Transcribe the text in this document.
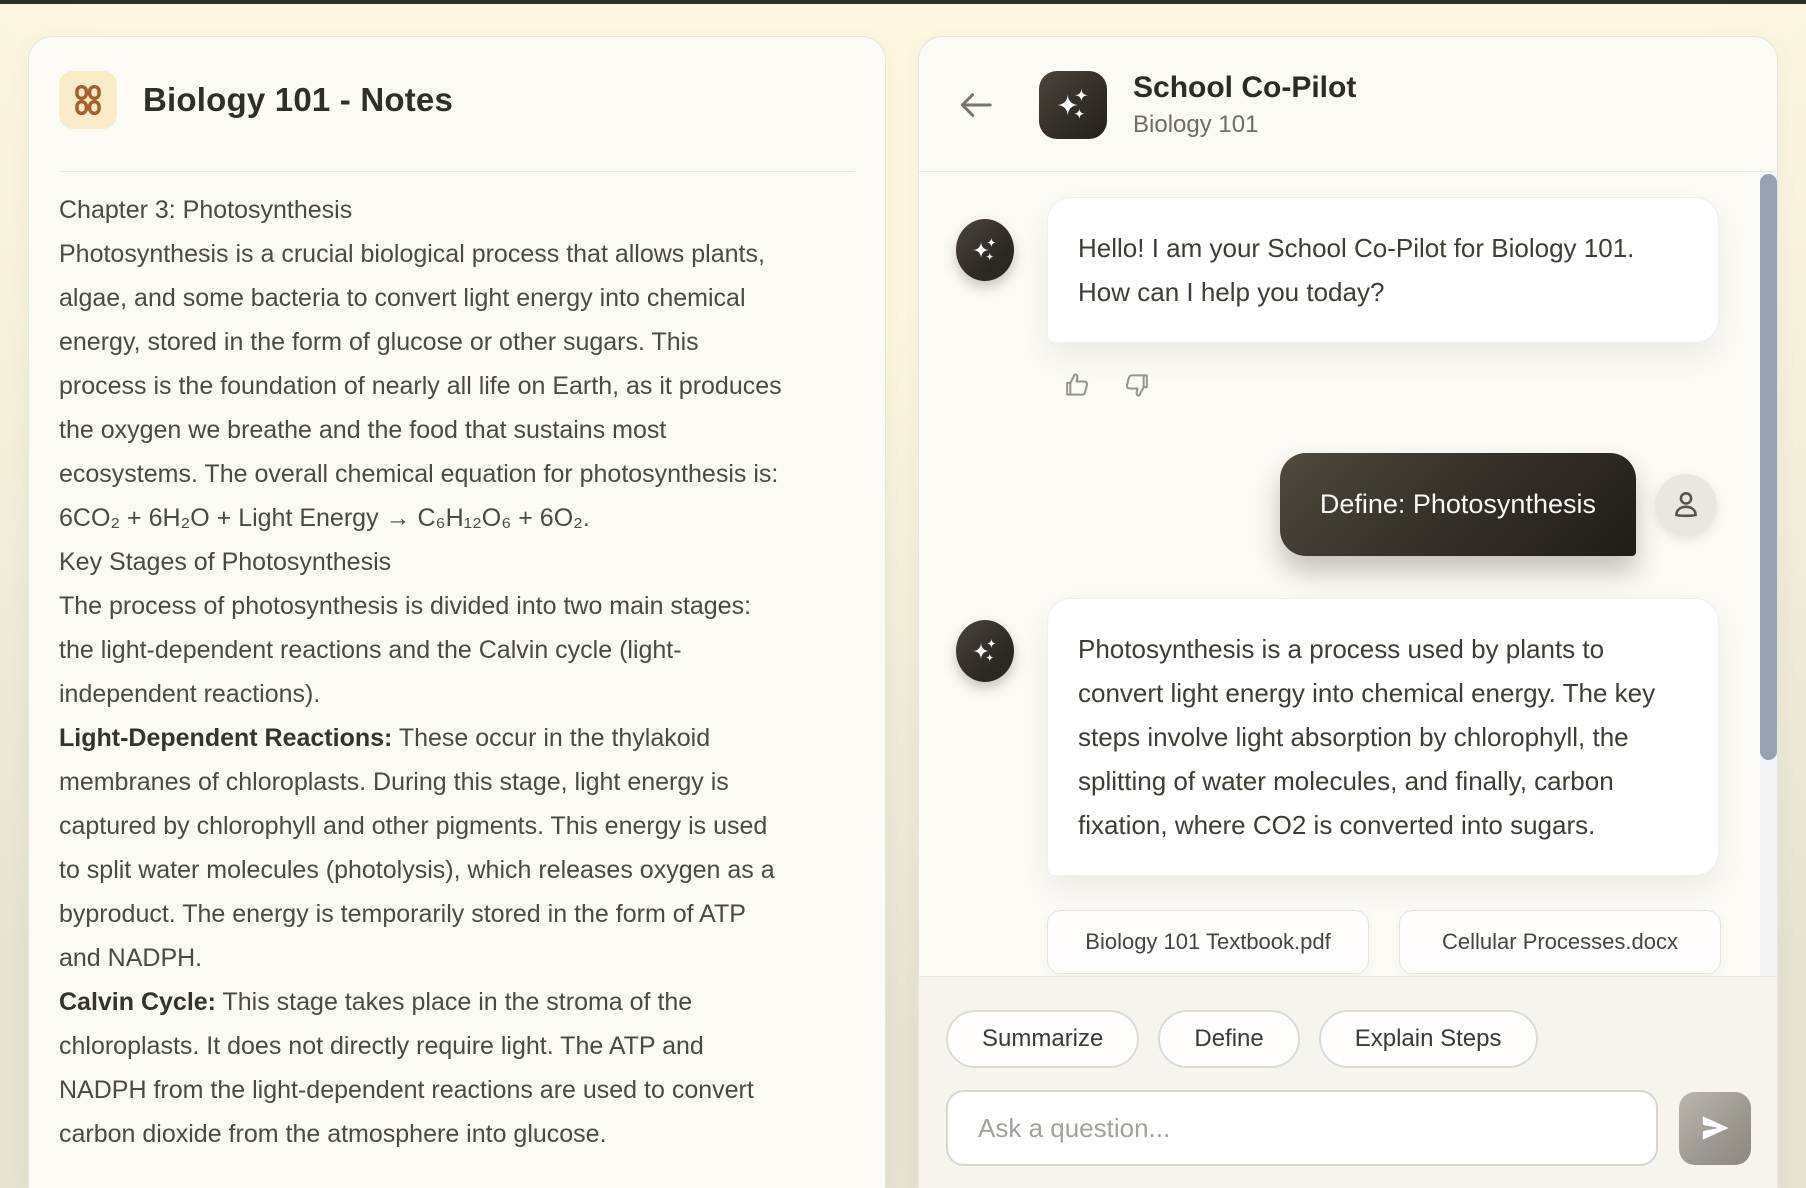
Biology 101 - Notes

Chapter 3: Photosynthesis

Photosynthesis is a crucial biological process that allows plants, algae, and some bacteria to convert light energy into chemical energy, stored in the form of glucose or other sugars. This process is the foundation of nearly all life on Earth, as it produces the oxygen we breathe and the food that sustains most ecosystems. The overall chemical equation for photosynthesis is: 6CO₂ + 6H₂O + Light Energy → C₆H₁₂O₆ + 6O₂.

Key Stages of Photosynthesis

The process of photosynthesis is divided into two main stages: the light-dependent reactions and the Calvin cycle (light-independent reactions).

Light-Dependent Reactions: These occur in the thylakoid membranes of chloroplasts. During this stage, light energy is captured by chlorophyll and other pigments. This energy is used to split water molecules (photolysis), which releases oxygen as a byproduct. The energy is temporarily stored in the form of ATP and NADPH.

Calvin Cycle: This stage takes place in the stroma of the chloroplasts. It does not directly require light. The ATP and NADPH from the light-dependent reactions are used to convert carbon dioxide from the atmosphere into glucose.

School Co-Pilot
Biology 101
Hello! I am your School Co-Pilot for Biology 101. How can I help you today?
Define: Photosynthesis
Photosynthesis is a process used by plants to convert light energy into chemical energy. The key steps involve light absorption by chlorophyll, the splitting of water molecules, and finally, carbon fixation, where CO2 is converted into sugars.
Biology 101 Textbook.pdf	Cellular Processes.docx
Summarize	Define	Explain Steps
Ask a question...
